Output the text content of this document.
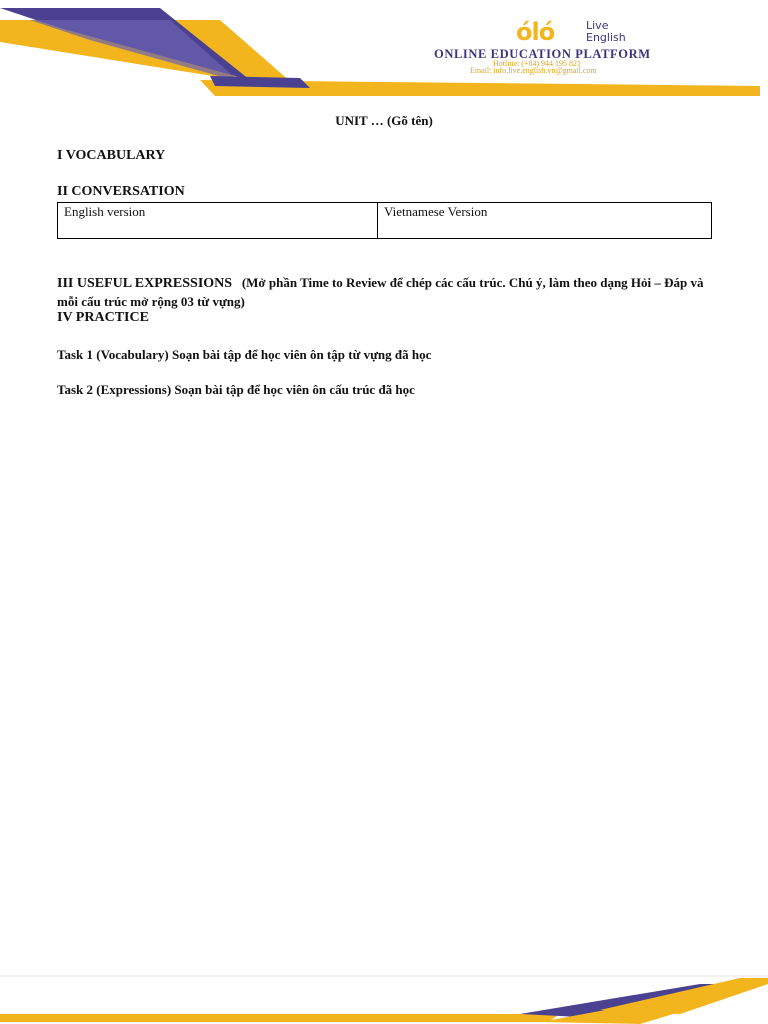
óló	Live
English
ONLINE EDUCATION PLATFORM
Hotline: (+84) 944 195 821
Email: info.live.english.vn@gmail.com
UNIT … (Gõ tên)
I VOCABULARY
II CONVERSATION
English version	Vietnamese Version
III USEFUL EXPRESSIONS (Mở phần Time to Review để chép các cấu trúc. Chú ý, làm theo dạng Hỏi – Đáp và mỗi cấu trúc mở rộng 03 từ vựng)
IV PRACTICE
Task 1 (Vocabulary) Soạn bài tập để học viên ôn tập từ vựng đã học
Task 2 (Expressions) Soạn bài tập để học viên ôn cấu trúc đã học
